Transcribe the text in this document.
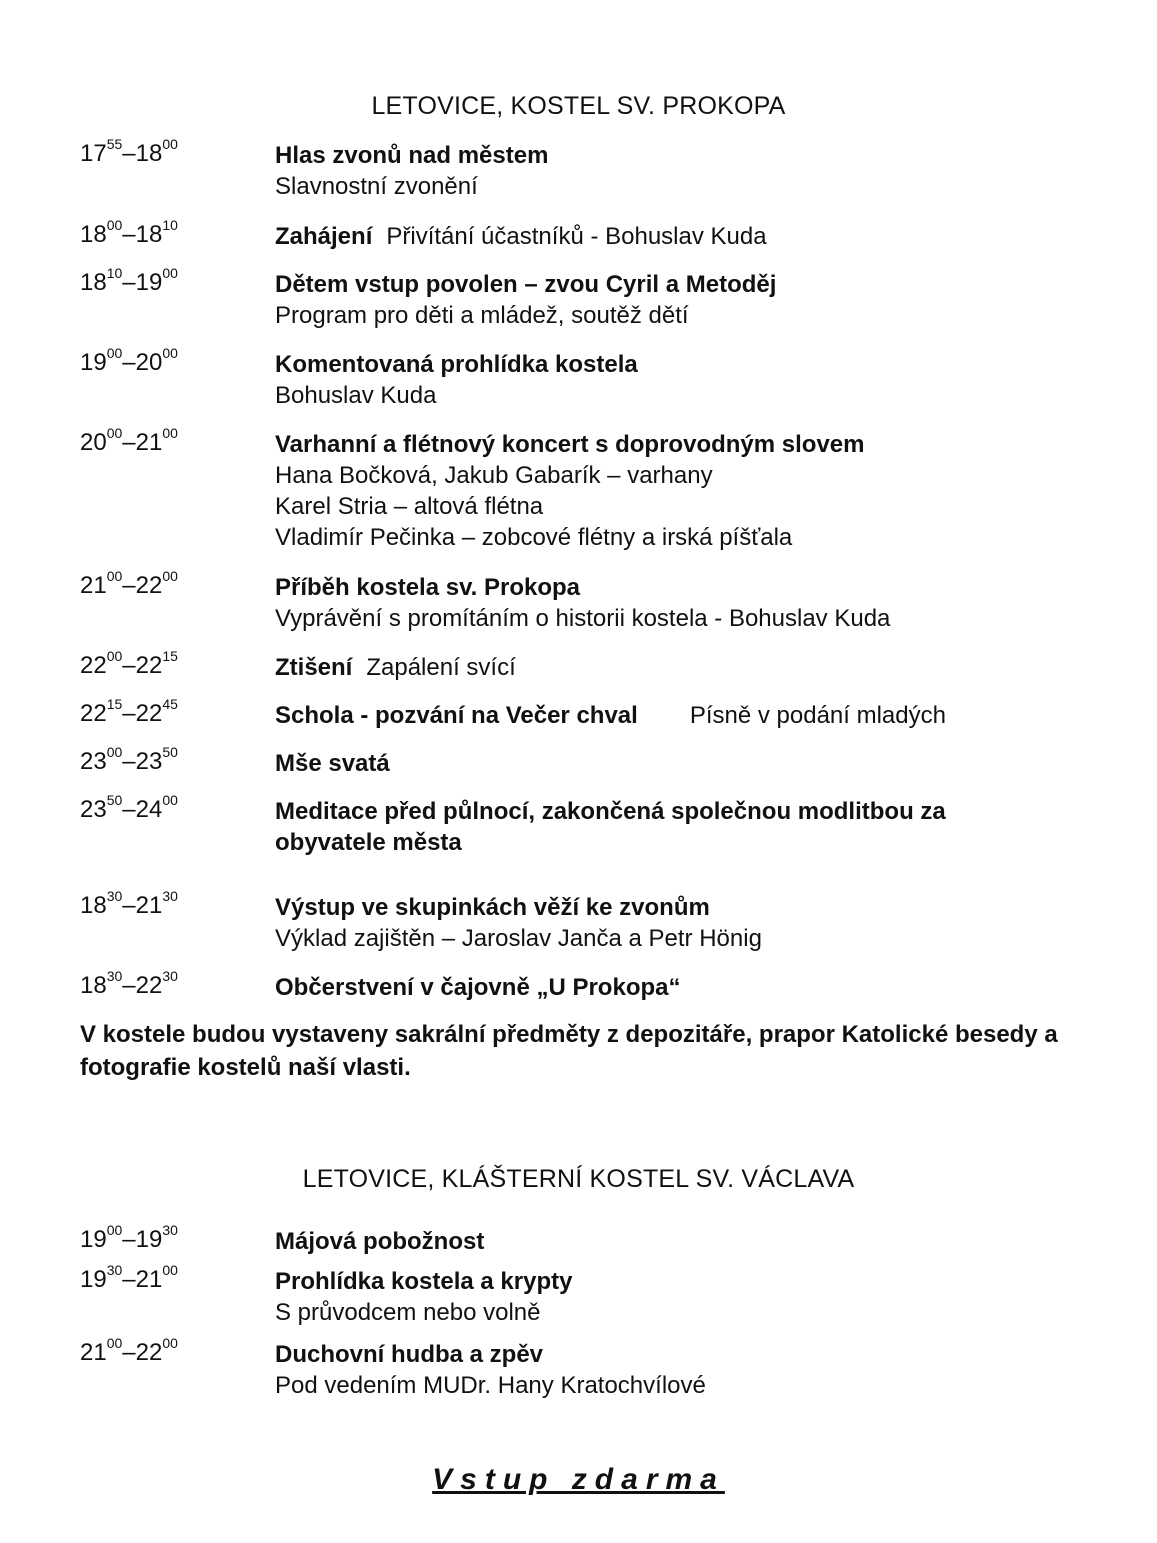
LETOVICE, KOSTEL SV. PROKOPA
$17^{55}-18^{00}$	Hlas zvonů nad městem
Slavnostní zvonění
$18^{00}-18^{10}$	Zahájení Přivítání účastníků - Bohuslav Kuda
$18^{10}-19^{00}$	Dětem vstup povolen – zvou Cyril a Metoděj
Program pro děti a mládež, soutěž dětí
$19^{00}-20^{00}$	Komentovaná prohlídka kostela
Bohuslav Kuda
$20^{00}-21^{00}$	Varhanní a flétnový koncert s doprovodným slovem
Hana Bočková, Jakub Gabarík – varhany
Karel Stria – altová flétna
Vladimír Pečinka – zobcové flétny a irská píšťala
$21^{00}-22^{00}$	Příběh kostela sv. Prokopa
Vyprávění s promítáním o historii kostela - Bohuslav Kuda
$22^{00}-22^{15}$	Ztišení Zapálení svící
$22^{15}-22^{45}$	Schola - pozvání na Večer chval Písně v podání mladých
$23^{00}-23^{50}$	Mše svatá
$23^{50}-24^{00}$	Meditace před půlnocí, zakončená společnou modlitbou za
obyvatele města
$18^{30}-21^{30}$	Výstup ve skupinkách věží ke zvonům
Výklad zajištěn – Jaroslav Janča a Petr Hönig
$18^{30}-22^{30}$	Občerstvení v čajovně „U Prokopa“
V kostele budou vystaveny sakrální předměty z depozitáře, prapor Katolické besedy a fotografie kostelů naší vlasti.
LETOVICE, KLÁŠTERNÍ KOSTEL SV. VÁCLAVA
$19^{00}-19^{30}$	Májová pobožnost
$19^{30}-21^{00}$	Prohlídka kostela a krypty
S průvodcem nebo volně
$21^{00}-22^{00}$	Duchovní hudba a zpěv
Pod vedením MUDr. Hany Kratochvílové
Vstup zdarma
